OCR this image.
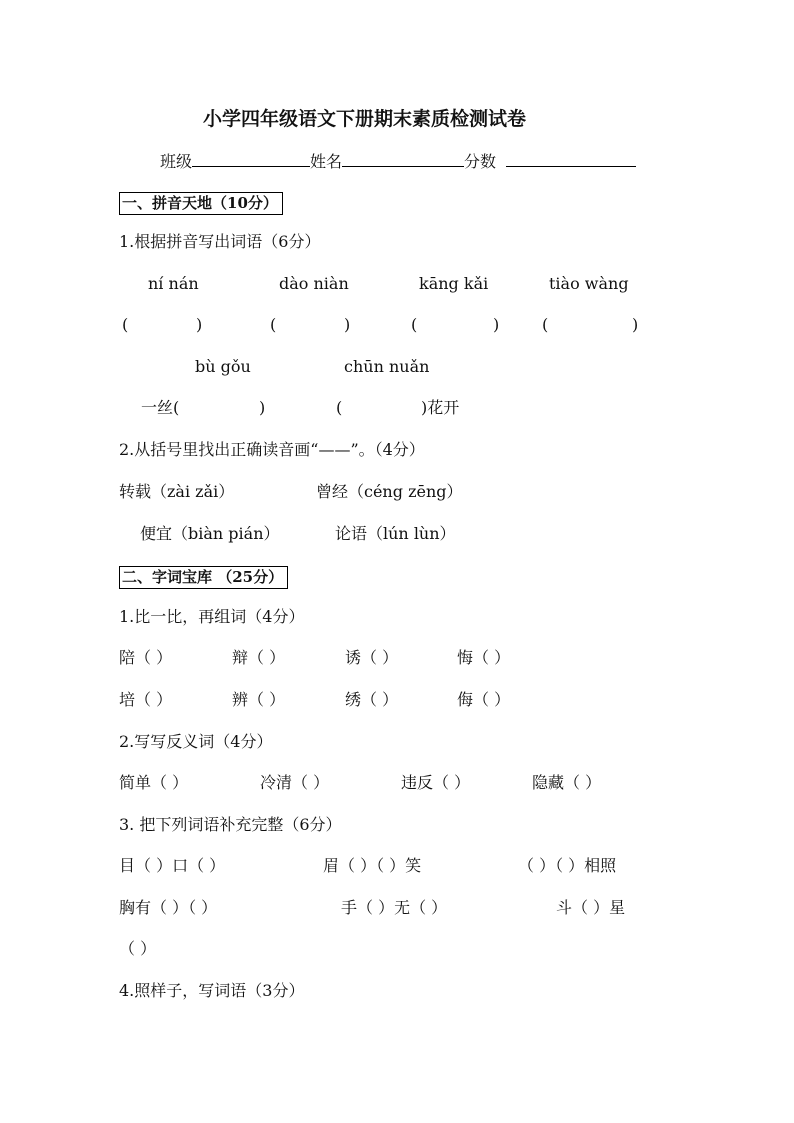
小学四年级语文下册期末素质检测试卷
班级	姓名	分数
一、拼音天地（10分）
1.根据拼音写出词语（6分）
ní nán	dào niàn	kāng kǎi	tiào wàng
(	)	(	)	(	)	(	)
bù gǒu	chūn nuǎn
一丝(	)	(	)花开
2.从括号里找出正确读音画“——”。（4分）
转载（zài zǎi）	曾经（céng zēng）
便宜（biàn pián）	论语（lún lùn）
二、字词宝库 （25分）
1.比一比，再组词（4分）
陪（ ）	辩（ ）	诱（ ）	悔（ ）
培（ ）	辨（ ）	绣（ ）	侮（ ）
2.写写反义词（4分）
简单（ ）	冷清（ ）	违反（ ）	隐藏（ ）
3. 把下列词语补充完整（6分）
目（ ）口（ ）	眉（ ）（ ）笑	（ ）（ ）相照
胸有（ ）（ ）	手（ ）无（ ）	斗（ ）星
（ ）
4.照样子，写词语（3分）
